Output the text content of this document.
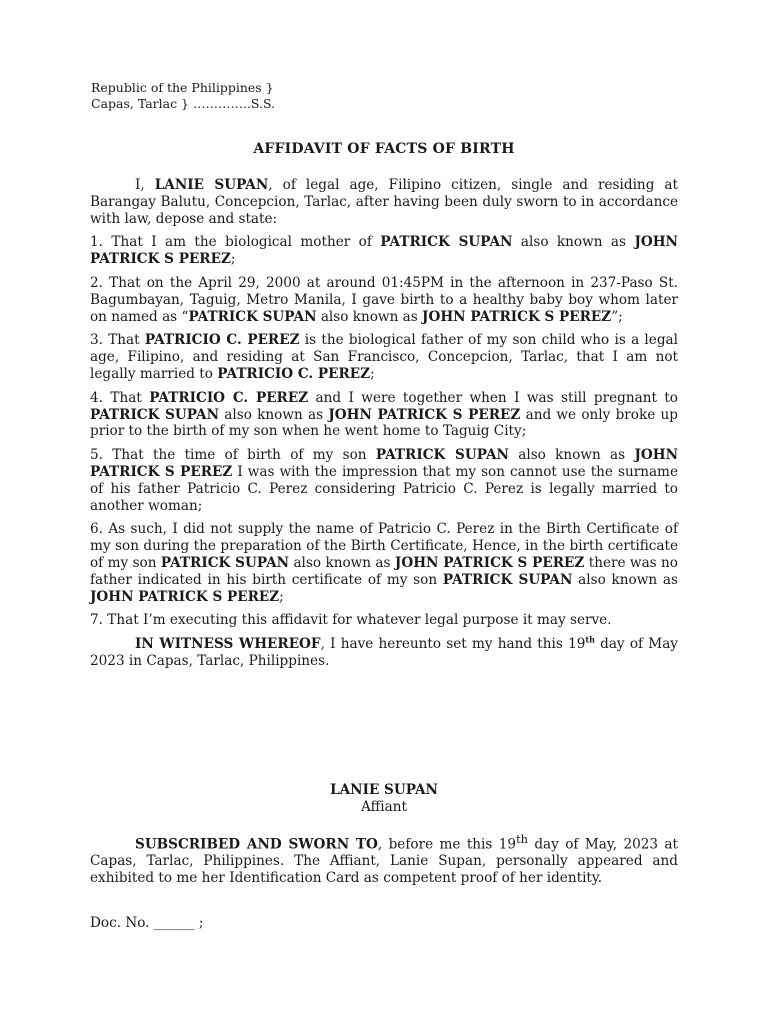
Republic of the Philippines }
Capas, Tarlac } …………..S.S.
AFFIDAVIT OF FACTS OF BIRTH

I, LANIE SUPAN, of legal age, Filipino citizen, single and residing at Barangay Balutu, Concepcion, Tarlac, after having been duly sworn to in accordance with law, depose and state:

1. That I am the biological mother of PATRICK SUPAN also known as JOHN PATRICK S PEREZ;

2. That on the April 29, 2000 at around 01:45PM in the afternoon in 237-Paso St. Bagumbayan, Taguig, Metro Manila, I gave birth to a healthy baby boy whom later on named as “PATRICK SUPAN also known as JOHN PATRICK S PEREZ”;

3. That PATRICIO C. PEREZ is the biological father of my son child who is a legal age, Filipino, and residing at San Francisco, Concepcion, Tarlac, that I am not legally married to PATRICIO C. PEREZ;

4. That PATRICIO C. PEREZ and I were together when I was still pregnant to PATRICK SUPAN also known as JOHN PATRICK S PEREZ and we only broke up prior to the birth of my son when he went home to Taguig City;

5. That the time of birth of my son PATRICK SUPAN also known as JOHN PATRICK S PEREZ I was with the impression that my son cannot use the surname of his father Patricio C. Perez considering Patricio C. Perez is legally married to another woman;

6. As such, I did not supply the name of Patricio C. Perez in the Birth Certificate of my son during the preparation of the Birth Certificate, Hence, in the birth certificate of my son PATRICK SUPAN also known as JOHN PATRICK S PEREZ there was no father indicated in his birth certificate of my son PATRICK SUPAN also known as JOHN PATRICK S PEREZ;

7. That I’m executing this affidavit for whatever legal purpose it may serve.

IN WITNESS WHEREOF, I have hereunto set my hand this 19th day of May 2023 in Capas, Tarlac, Philippines.

LANIE SUPAN
Affiant
SUBSCRIBED AND SWORN TO, before me this 19th day of May, 2023 at Capas, Tarlac, Philippines. The Affiant, Lanie Supan, personally appeared and exhibited to me her Identification Card as competent proof of her identity.
Doc. No. ______ ;
